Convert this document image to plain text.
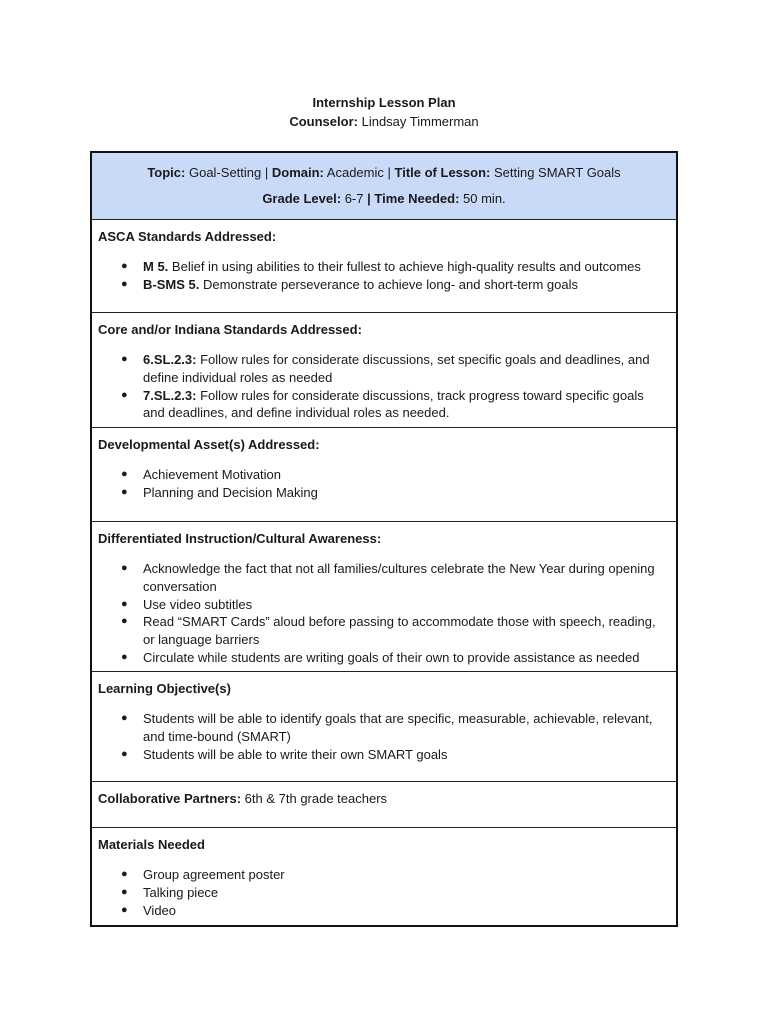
Internship Lesson Plan
Counselor: Lindsay Timmerman
Topic: Goal-Setting | Domain: Academic | Title of Lesson: Setting SMART Goals
Grade Level: 6-7 | Time Needed: 50 min.
ASCA Standards Addressed:
● M 5. Belief in using abilities to their fullest to achieve high-quality results and outcomes
● B-SMS 5. Demonstrate perseverance to achieve long- and short-term goals
Core and/or Indiana Standards Addressed:
● 6.SL.2.3: Follow rules for considerate discussions, set specific goals and deadlines, and define individual roles as needed
● 7.SL.2.3: Follow rules for considerate discussions, track progress toward specific goals and deadlines, and define individual roles as needed.
Developmental Asset(s) Addressed:
● Achievement Motivation
● Planning and Decision Making
Differentiated Instruction/Cultural Awareness:
● Acknowledge the fact that not all families/cultures celebrate the New Year during opening conversation
● Use video subtitles
● Read “SMART Cards” aloud before passing to accommodate those with speech, reading, or language barriers
● Circulate while students are writing goals of their own to provide assistance as needed
Learning Objective(s)
● Students will be able to identify goals that are specific, measurable, achievable, relevant, and time-bound (SMART)
● Students will be able to write their own SMART goals
Collaborative Partners: 6th & 7th grade teachers
Materials Needed
● Group agreement poster
● Talking piece
● Video
